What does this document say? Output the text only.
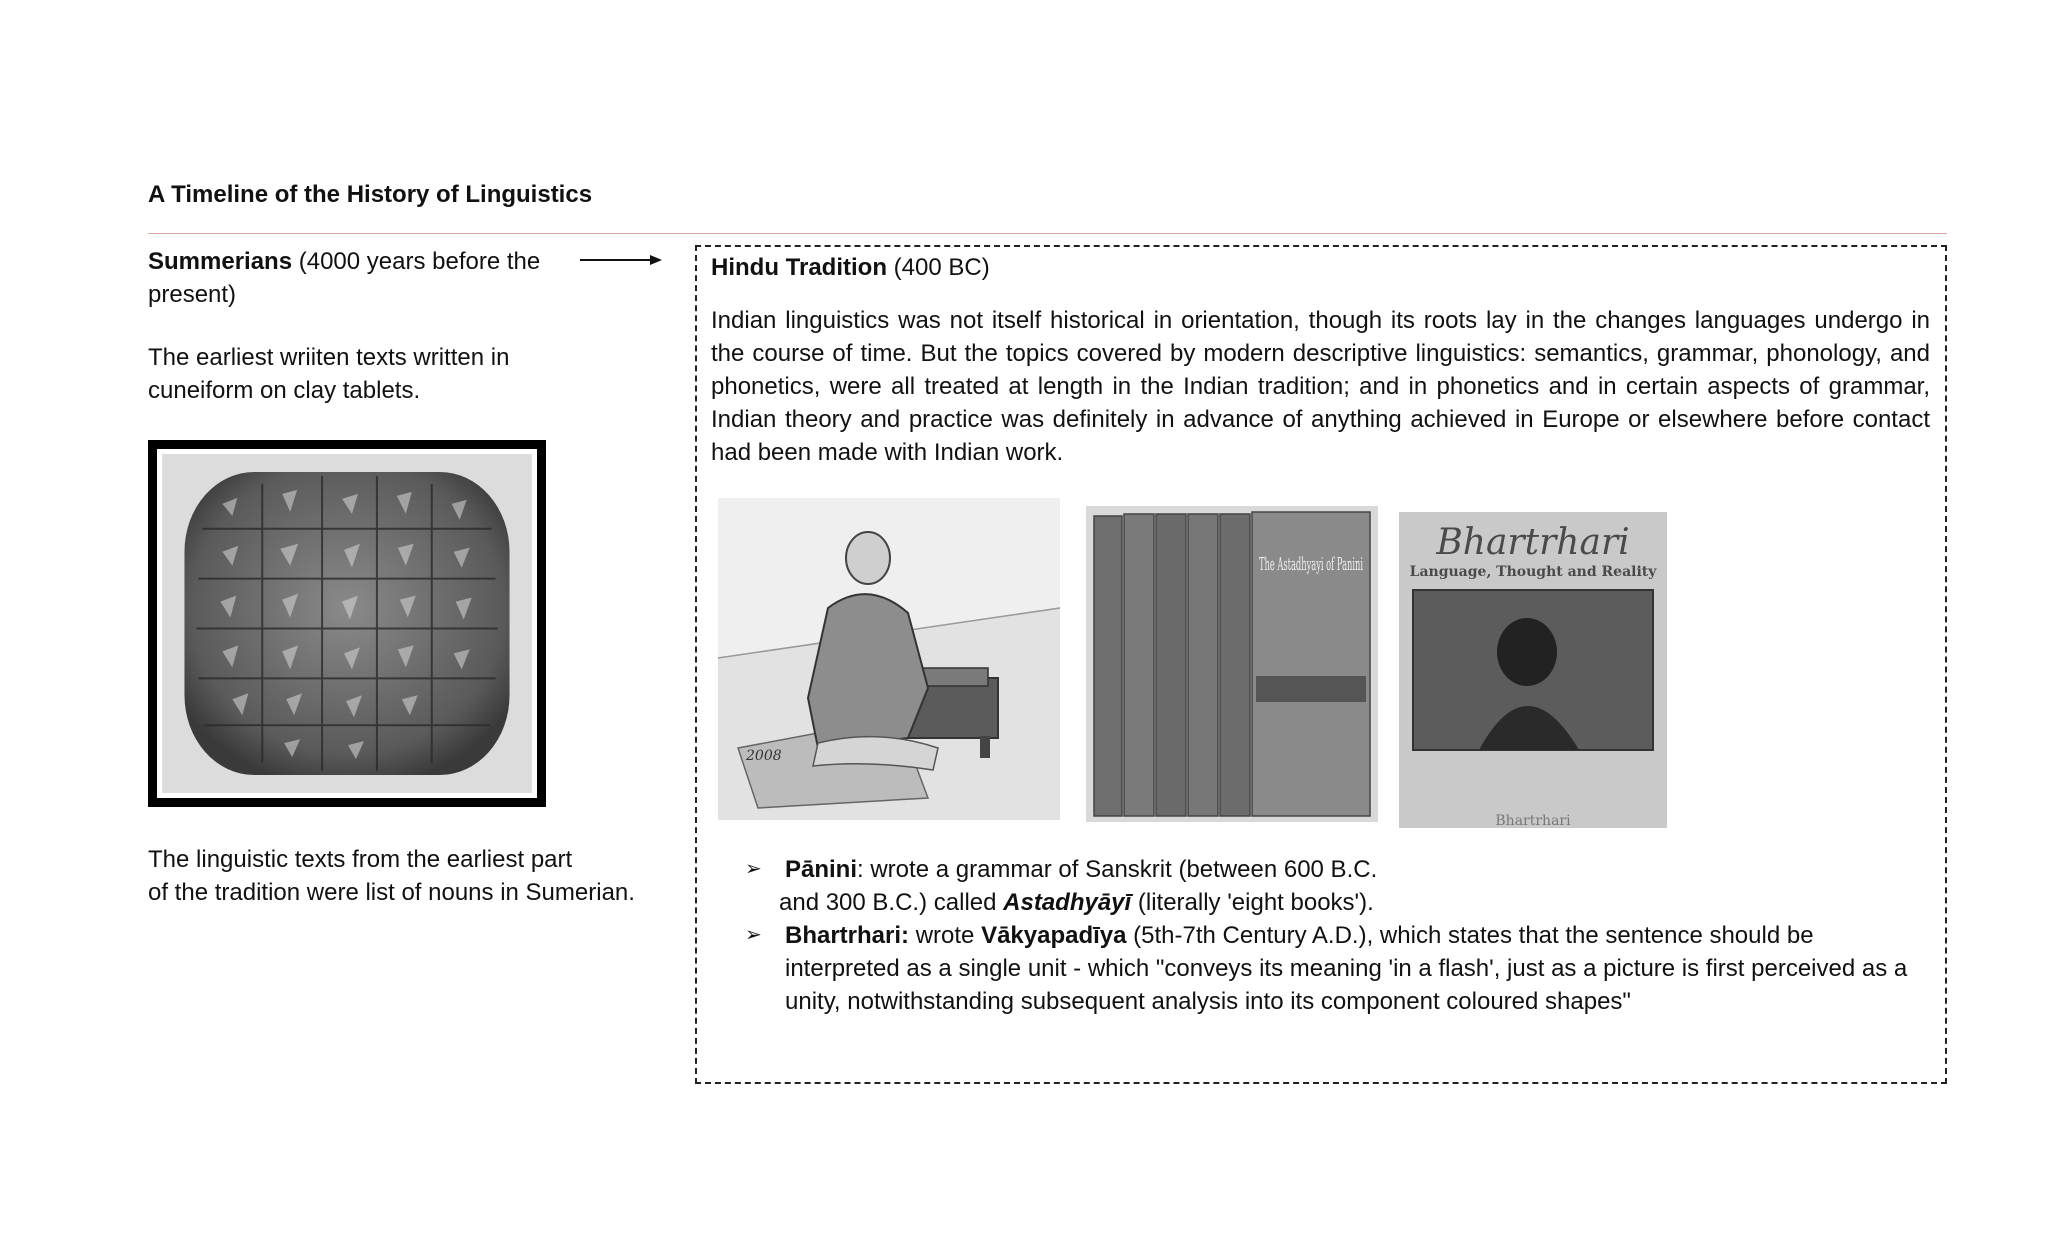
A Timeline of the History of Linguistics
Summerians (4000 years before the present)
The earliest wriiten texts written in cuneiform on clay tablets.
The linguistic texts from the earliest part
of the tradition were list of nouns in Sumerian.
Hindu Tradition (400 BC)
Indian linguistics was not itself historical in orientation, though its roots lay in the changes languages undergo in the course of time. But the topics covered by modern descriptive linguistics: semantics, grammar, phonology, and phonetics, were all treated at length in the Indian tradition; and in phonetics and in certain aspects of grammar, Indian theory and practice was definitely in advance of anything achieved in Europe or elsewhere before contact had been made with Indian work.
2008
The Astadhyayi of Panini
Bhartrhari
Language, Thought and Reality
Bhartrhari
➢ Pānini: wrote a grammar of Sanskrit (between 600 B.C.
and 300 B.C.) called Astadhyāyī (literally 'eight books').
➢ Bhartrhari: wrote Vākyapadīya (5th-7th Century A.D.), which states that the sentence should be interpreted as a single unit - which "conveys its meaning 'in a flash', just as a picture is first perceived as a unity, notwithstanding subsequent analysis into its component coloured shapes"
